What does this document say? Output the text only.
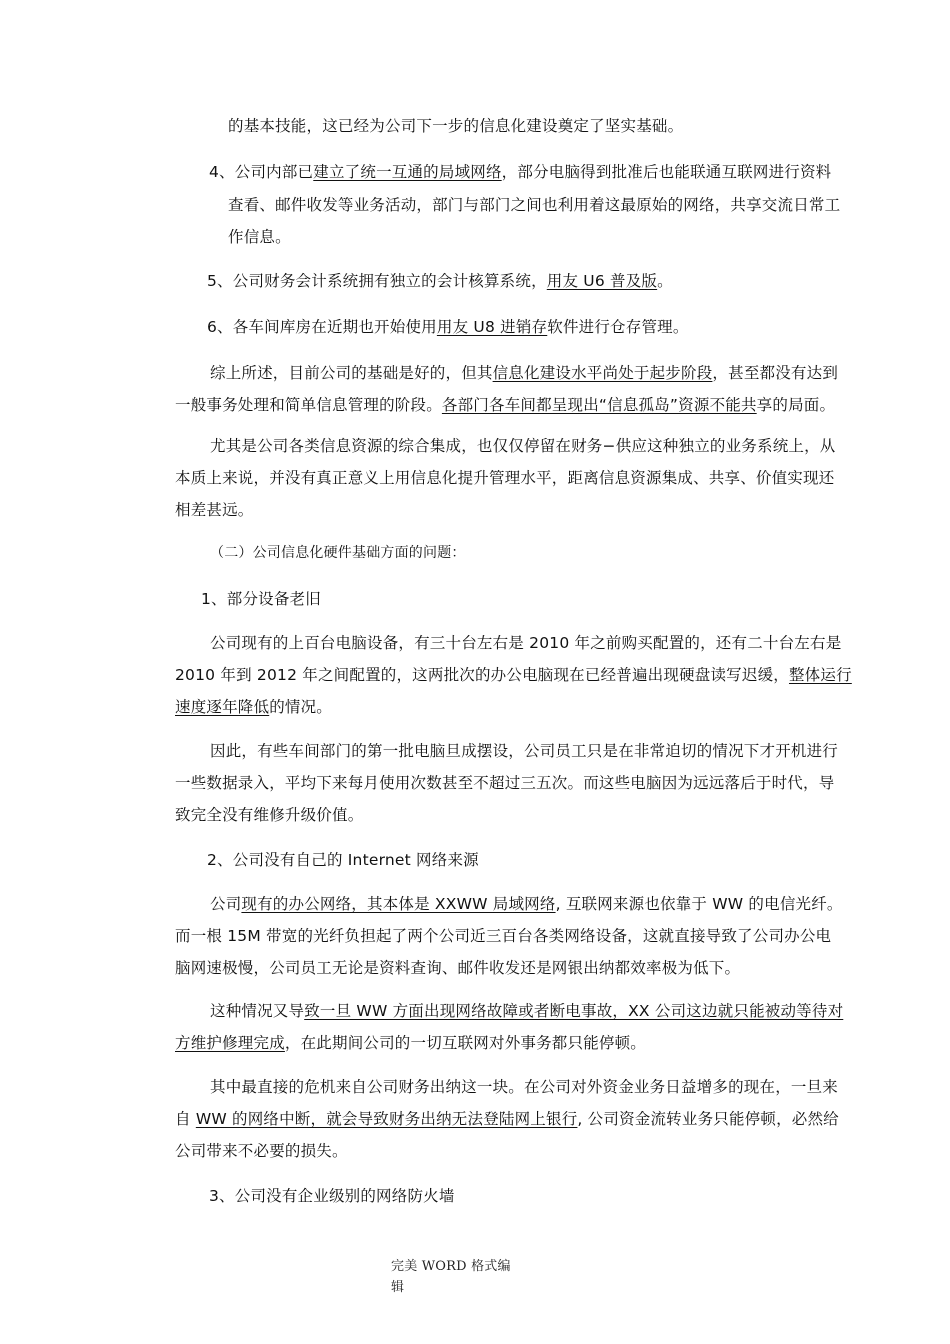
的基本技能，这已经为公司下一步的信息化建设奠定了坚实基础。
4、公司内部已建立了统一互通的局域网络，部分电脑得到批准后也能联通互联网进行资料
查看、邮件收发等业务活动，部门与部门之间也利用着这最原始的网络，共享交流日常工
作信息。
5、公司财务会计系统拥有独立的会计核算系统，用友 U6 普及版。
6、各车间库房在近期也开始使用用友 U8 进销存软件进行仓存管理。
综上所述，目前公司的基础是好的，但其信息化建设水平尚处于起步阶段，甚至都没有达到
一般事务处理和简单信息管理的阶段。各部门各车间都呈现出“信息孤岛”资源不能共享的局面。
尤其是公司各类信息资源的综合集成，也仅仅停留在财务−供应这种独立的业务系统上，从
本质上来说，并没有真正意义上用信息化提升管理水平，距离信息资源集成、共享、价值实现还
相差甚远。
（二）公司信息化硬件基础方面的问题：
1、部分设备老旧
公司现有的上百台电脑设备，有三十台左右是 2010 年之前购买配置的，还有二十台左右是
2010 年到 2012 年之间配置的，这两批次的办公电脑现在已经普遍出现硬盘读写迟缓，整体运行
速度逐年降低的情况。
因此，有些车间部门的第一批电脑旦成摆设，公司员工只是在非常迫切的情况下才开机进行
一些数据录入，平均下来每月使用次数甚至不超过三五次。而这些电脑因为远远落后于时代，导
致完全没有维修升级价值。
2、公司没有自己的 Internet 网络来源
公司现有的办公网络，其本体是 XXWW 局域网络, 互联网来源也依靠于 WW 的电信光纤。
而一根 15M 带宽的光纤负担起了两个公司近三百台各类网络设备，这就直接导致了公司办公电
脑网速极慢，公司员工无论是资料查询、邮件收发还是网银出纳都效率极为低下。
这种情况又导致一旦 WW 方面出现网络故障或者断电事故，XX 公司这边就只能被动等待对
方维护修理完成，在此期间公司的一切互联网对外事务都只能停顿。
其中最直接的危机来自公司财务出纳这一块。在公司对外资金业务日益增多的现在，一旦来
自 WW 的网络中断，就会导致财务出纳无法登陆网上银行, 公司资金流转业务只能停顿，必然给
公司带来不必要的损失。
3、公司没有企业级别的网络防火墙
完美 WORD 格式编
辑
